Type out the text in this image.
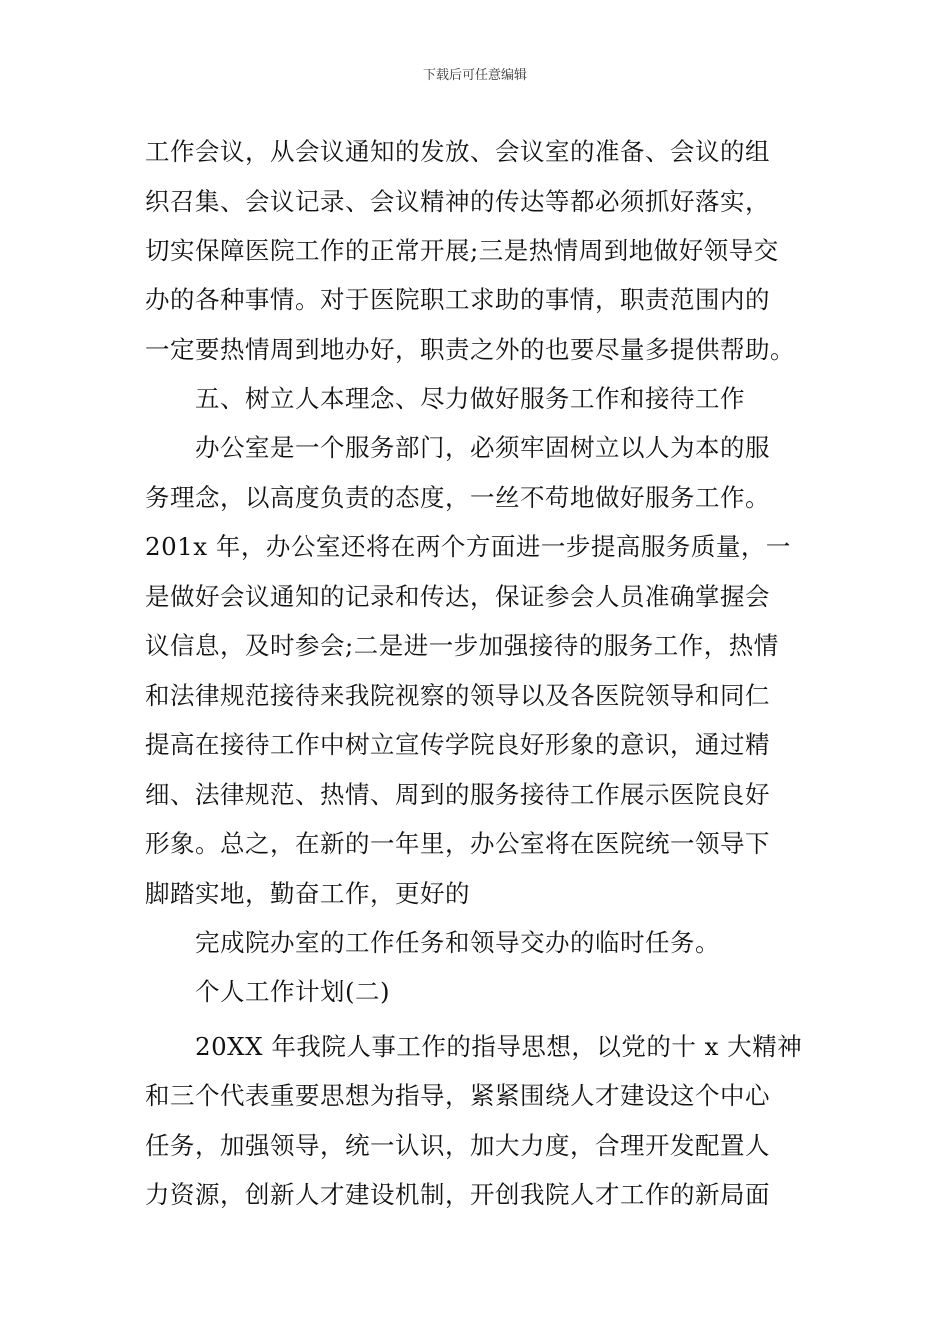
下载后可任意编辑
工作会议，从会议通知的发放、会议室的准备、会议的组
织召集、会议记录、会议精神的传达等都必须抓好落实，
切实保障医院工作的正常开展;三是热情周到地做好领导交
办的各种事情。对于医院职工求助的事情，职责范围内的
一定要热情周到地办好，职责之外的也要尽量多提供帮助。
五、树立人本理念、尽力做好服务工作和接待工作
办公室是一个服务部门，必须牢固树立以人为本的服
务理念，以高度负责的态度，一丝不苟地做好服务工作。
201x 年，办公室还将在两个方面进一步提高服务质量，一
是做好会议通知的记录和传达，保证参会人员准确掌握会
议信息，及时参会;二是进一步加强接待的服务工作，热情
和法律规范接待来我院视察的领导以及各医院领导和同仁
提高在接待工作中树立宣传学院良好形象的意识，通过精
细、法律规范、热情、周到的服务接待工作展示医院良好
形象。总之，在新的一年里，办公室将在医院统一领导下
脚踏实地，勤奋工作，更好的
完成院办室的工作任务和领导交办的临时任务。
个人工作计划(二)
20XX 年我院人事工作的指导思想，以党的十 x 大精神
和三个代表重要思想为指导，紧紧围绕人才建设这个中心
任务，加强领导，统一认识，加大力度，合理开发配置人
力资源，创新人才建设机制，开创我院人才工作的新局面
